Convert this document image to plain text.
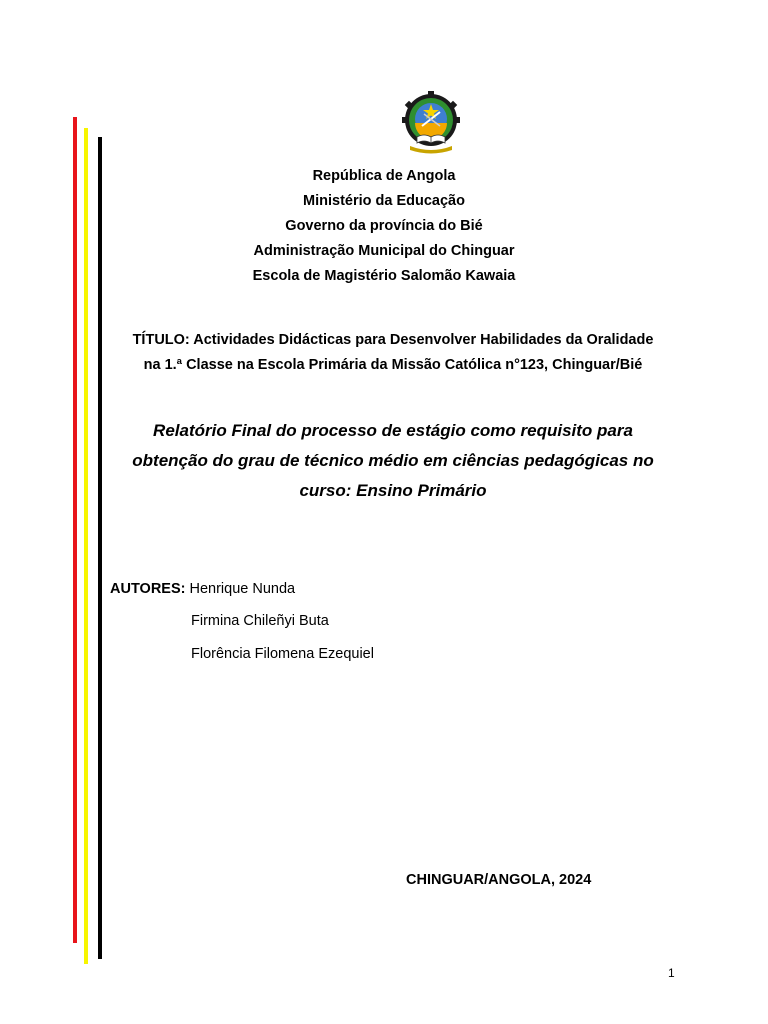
República de Angola
Ministério da Educação
Governo da província do Bié
Administração Municipal do Chinguar
Escola de Magistério Salomão Kawaia
TÍTULO: Actividades Didácticas para Desenvolver Habilidades da Oralidade
na 1.ª Classe na Escola Primária da Missão Católica n°123, Chinguar/Bié
Relatório Final do processo de estágio como requisito para
obtenção do grau de técnico médio em ciências pedagógicas no
curso: Ensino Primário
AUTORES: Henrique Nunda
Firmina Chileñyi Buta
Florência Filomena Ezequiel
CHINGUAR/ANGOLA, 2024
1
